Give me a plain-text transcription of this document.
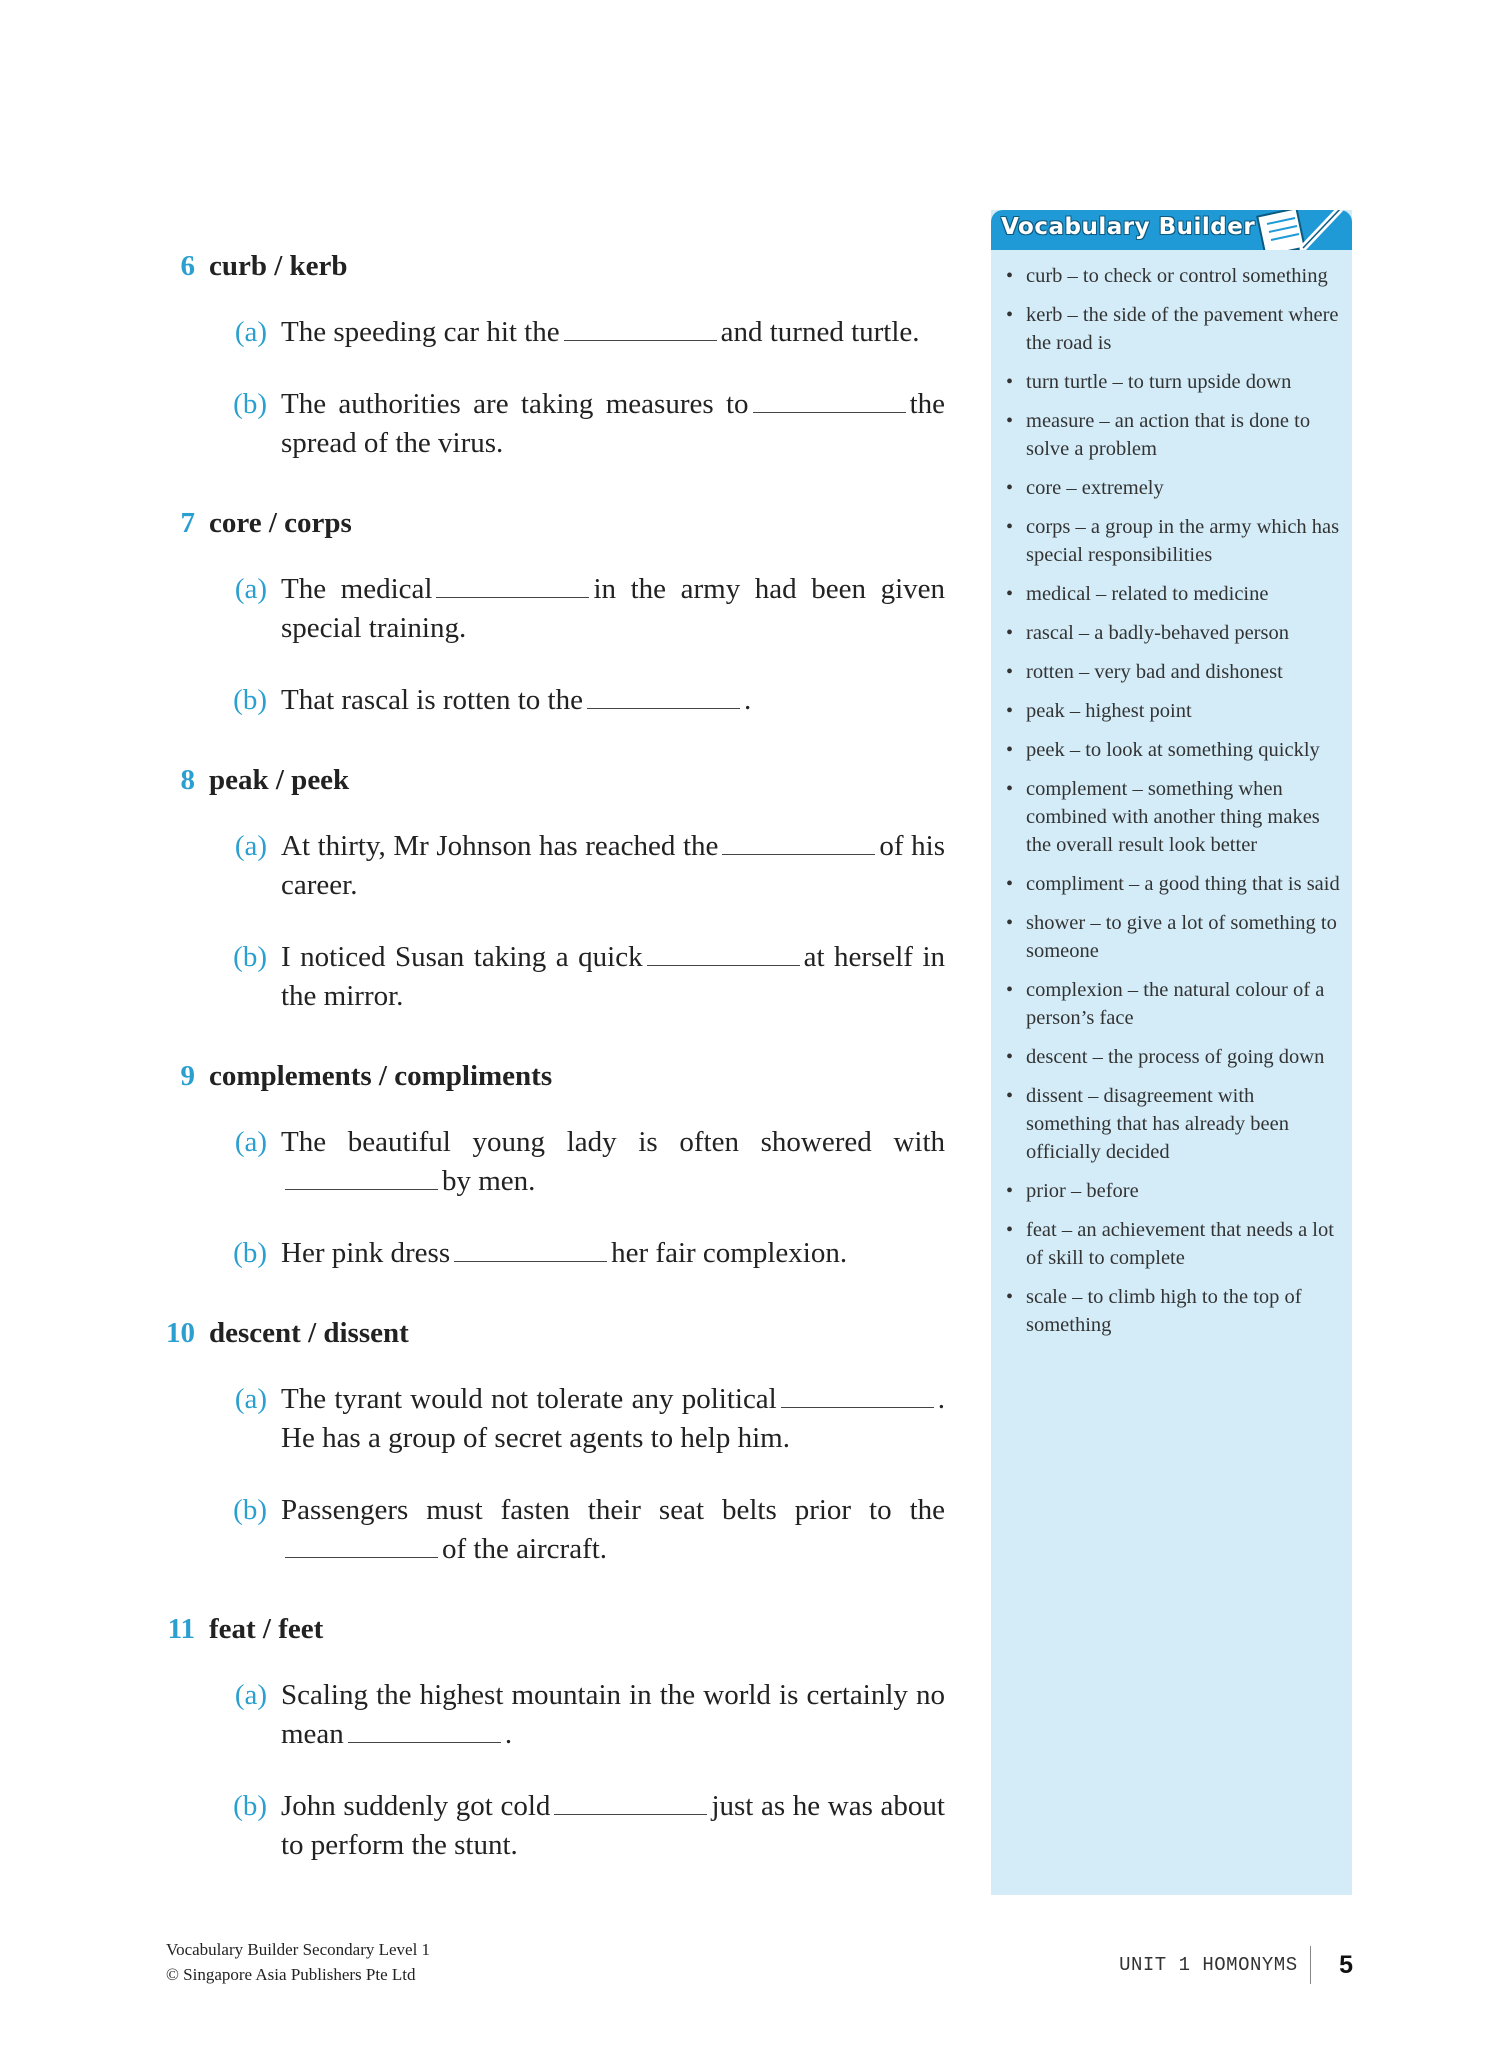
6 curb / kerb
(a) The speeding car hit the	and turned turtle.
(b) The authorities are taking measures to	the spread of the virus.
7 core / corps
(a) The medical	in the army had been given special training.
(b) That rascal is rotten to the	.
8 peak / peek
(a) At thirty, Mr Johnson has reached the	of his career.
(b) I noticed Susan taking a quick	at herself in the mirror.
9 complements / compliments
(a) The beautiful young lady is often showered with by men.
(b) Her pink dress	her fair complexion.
10 descent / dissent
(a) The tyrant would not tolerate any political	. He has a group of secret agents to help him.
(b) Passengers must fasten their seat belts prior to the of the aircraft.
11 feat / feet
(a) Scaling the highest mountain in the world is certainly no mean	.
(b) John suddenly got cold	just as he was about to perform the stunt.
Vocabulary Builder
• curb – to check or control something
• kerb – the side of the pavement where the road is
• turn turtle – to turn upside down
• measure – an action that is done to solve a problem
• core – extremely
• corps – a group in the army which has special responsibilities
• medical – related to medicine
• rascal – a badly-behaved person
• rotten – very bad and dishonest
• peak – highest point
• peek – to look at something quickly
• complement – something when combined with another thing makes the overall result look better
• compliment – a good thing that is said
• shower – to give a lot of something to someone
• complexion – the natural colour of a person’s face
• descent – the process of going down
• dissent – disagreement with something that has already been officially decided
• prior – before
• feat – an achievement that needs a lot of skill to complete
• scale – to climb high to the top of something
Vocabulary Builder Secondary Level 1
© Singapore Asia Publishers Pte Ltd	UNIT 1 HOMONYMS 5
